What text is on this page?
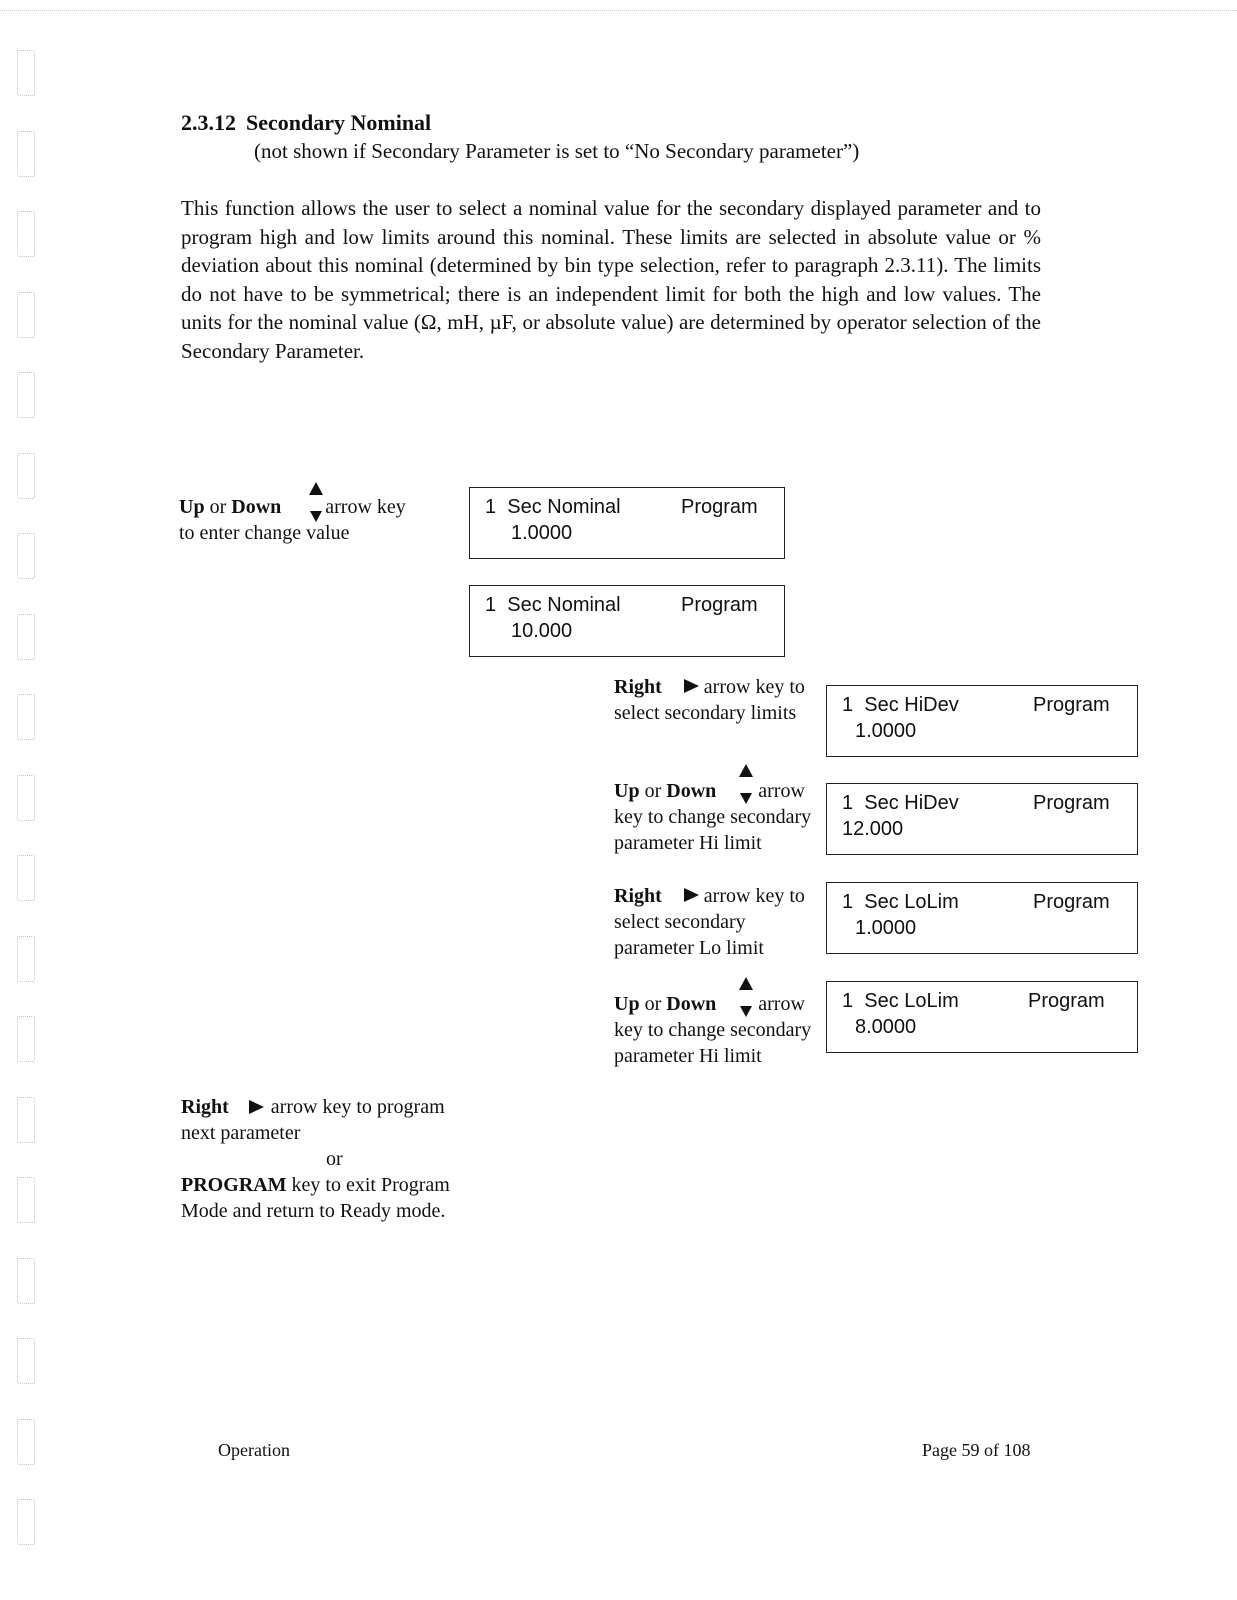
2.3.12 Secondary Nominal
(not shown if Secondary Parameter is set to “No Secondary parameter”)
This function allows the user to select a nominal value for the secondary displayed parameter and to program high and low limits around this nominal. These limits are selected in absolute value or % deviation about this nominal (determined by bin type selection, refer to paragraph 2.3.11). The limits do not have to be symmetrical; there is an independent limit for both the high and low values. The units for the nominal value (Ω, mH, µF, or absolute value) are determined by operator selection of the Secondary Parameter.
Up or Down arrow key
to enter change value
1  Sec Nominal	Program
1.0000
1  Sec Nominal	Program
10.000
Right arrow key to
select secondary limits	1  Sec HiDev	Program
1.0000
Up or Down arrow
key to change secondary
parameter Hi limit
1  Sec HiDev	Program
12.000
Right arrow key to
select secondary
parameter Lo limit
1  Sec LoLim	Program
1.0000
Up or Down arrow
key to change secondary
parameter Hi limit
1  Sec LoLim	Program
8.0000
Right arrow key to program
next parameter
or
PROGRAM key to exit Program
Mode and return to Ready mode.
Operation	Page 59 of 108
